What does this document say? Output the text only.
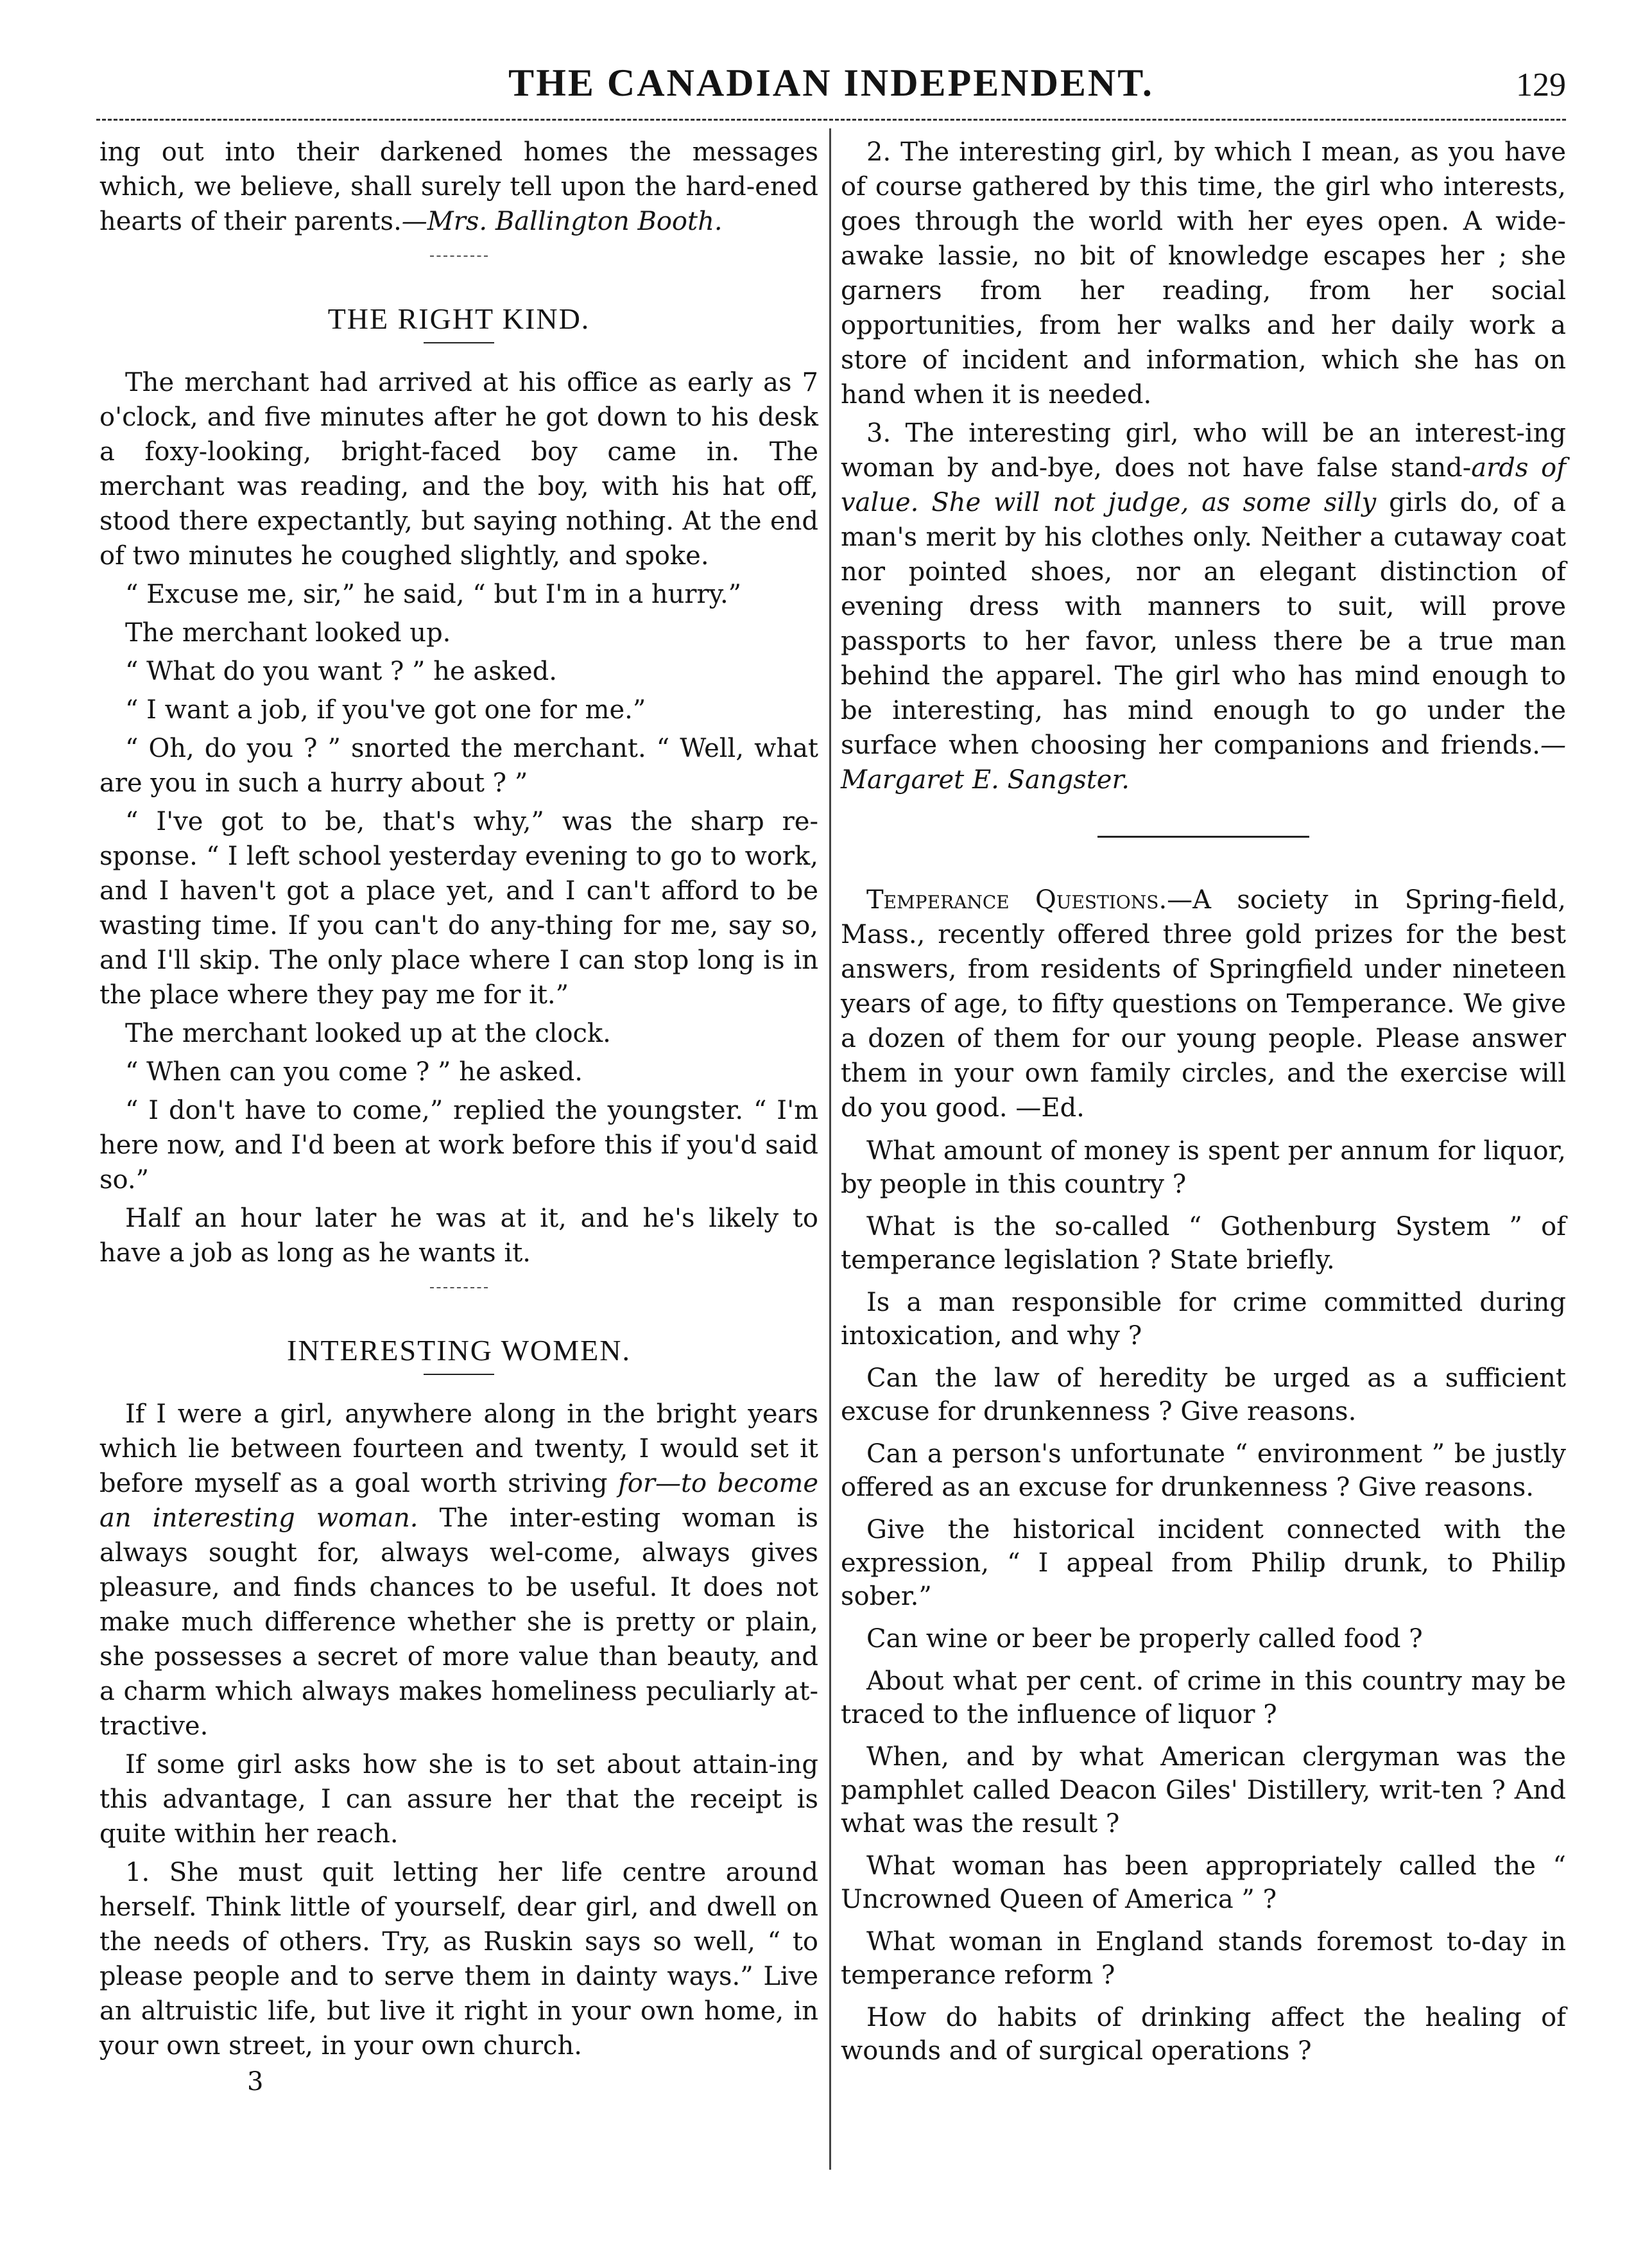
THE CANADIAN INDEPENDENT.	129

ing out into their darkened homes the messages which, we believe, shall surely tell upon the hard-ened hearts of their parents.—Mrs. Ballington Booth.

THE RIGHT KIND.

The merchant had arrived at his office as early as 7 o'clock, and five minutes after he got down to his desk a foxy-looking, bright-faced boy came in. The merchant was reading, and the boy, with his hat off, stood there expectantly, but saying nothing. At the end of two minutes he coughed slightly, and spoke.

“ Excuse me, sir,” he said, “ but I'm in a hurry.”

The merchant looked up.

“ What do you want ? ” he asked.

“ I want a job, if you've got one for me.”

“ Oh, do you ? ” snorted the merchant. “ Well, what are you in such a hurry about ? ”

“ I've got to be, that's why,” was the sharp re-sponse. “ I left school yesterday evening to go to work, and I haven't got a place yet, and I can't afford to be wasting time. If you can't do any-thing for me, say so, and I'll skip. The only place where I can stop long is in the place where they pay me for it.”

The merchant looked up at the clock.

“ When can you come ? ” he asked.

“ I don't have to come,” replied the youngster. “ I'm here now, and I'd been at work before this if you'd said so.”

Half an hour later he was at it, and he's likely to have a job as long as he wants it.

INTERESTING WOMEN.

If I were a girl, anywhere along in the bright years which lie between fourteen and twenty, I would set it before myself as a goal worth striving for—to become an interesting woman. The inter-esting woman is always sought for, always wel-come, always gives pleasure, and finds chances to be useful. It does not make much difference whether she is pretty or plain, she possesses a secret of more value than beauty, and a charm which always makes homeliness peculiarly at-tractive.

If some girl asks how she is to set about attain-ing this advantage, I can assure her that the receipt is quite within her reach.

1. She must quit letting her life centre around herself. Think little of yourself, dear girl, and dwell on the needs of others. Try, as Ruskin says so well, “ to please people and to serve them in dainty ways.” Live an altruistic life, but live it right in your own home, in your own street, in your own church.

3

2. The interesting girl, by which I mean, as you have of course gathered by this time, the girl who interests, goes through the world with her eyes open. A wide-awake lassie, no bit of knowledge escapes her ; she garners from her reading, from her social opportunities, from her walks and her daily work a store of incident and information, which she has on hand when it is needed.

3. The interesting girl, who will be an interest-ing woman by and-bye, does not have false stand-ards of value. She will not judge, as some silly girls do, of a man's merit by his clothes only. Neither a cutaway coat nor pointed shoes, nor an elegant distinction of evening dress with manners to suit, will prove passports to her favor, unless there be a true man behind the apparel. The girl who has mind enough to be interesting, has mind enough to go under the surface when choosing her companions and friends.—Margaret E. Sangster.

Temperance Questions.—A society in Spring-field, Mass., recently offered three gold prizes for the best answers, from residents of Springfield under nineteen years of age, to fifty questions on Temperance. We give a dozen of them for our young people. Please answer them in your own family circles, and the exercise will do you good. —Ed.

What amount of money is spent per annum for liquor, by people in this country ?

What is the so-called “ Gothenburg System ” of temperance legislation ? State briefly.

Is a man responsible for crime committed during intoxication, and why ?

Can the law of heredity be urged as a sufficient excuse for drunkenness ? Give reasons.

Can a person's unfortunate “ environment ” be justly offered as an excuse for drunkenness ? Give reasons.

Give the historical incident connected with the expression, “ I appeal from Philip drunk, to Philip sober.”

Can wine or beer be properly called food ?

About what per cent. of crime in this country may be traced to the influence of liquor ?

When, and by what American clergyman was the pamphlet called Deacon Giles' Distillery, writ-ten ? And what was the result ?

What woman has been appropriately called the “ Uncrowned Queen of America ” ?

What woman in England stands foremost to-day in temperance reform ?

How do habits of drinking affect the healing of wounds and of surgical operations ?
